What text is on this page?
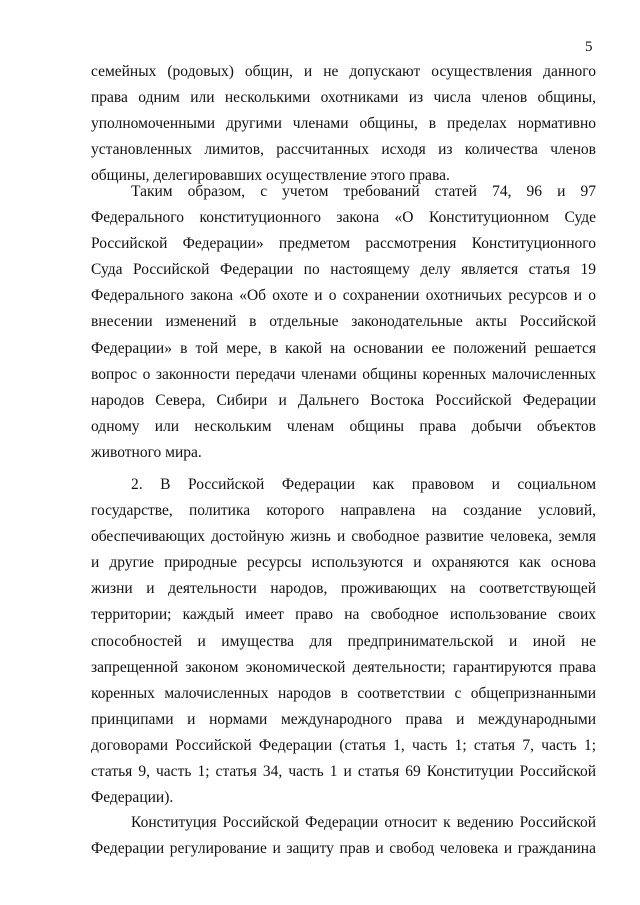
5
семейных (родовых) общин, и не допускают осуществления данного
права одним или несколькими охотниками из числа членов общины,
уполномоченными другими членами общины, в пределах нормативно
установленных лимитов, рассчитанных исходя из количества членов
общины, делегировавших осуществление этого права.
Таким образом, с учетом требований статей 74, 96 и 97
Федерального конституционного закона «О Конституционном Суде
Российской Федерации» предметом рассмотрения Конституционного
Суда Российской Федерации по настоящему делу является статья 19
Федерального закона «Об охоте и о сохранении охотничьих ресурсов и о
внесении изменений в отдельные законодательные акты Российской
Федерации» в той мере, в какой на основании ее положений решается
вопрос о законности передачи членами общины коренных малочисленных
народов Севера, Сибири и Дальнего Востока Российской Федерации
одному или нескольким членам общины права добычи объектов
животного мира.
2. В Российской Федерации как правовом и социальном
государстве, политика которого направлена на создание условий,
обеспечивающих достойную жизнь и свободное развитие человека, земля
и другие природные ресурсы используются и охраняются как основа
жизни и деятельности народов, проживающих на соответствующей
территории; каждый имеет право на свободное использование своих
способностей и имущества для предпринимательской и иной не
запрещенной законом экономической деятельности; гарантируются права
коренных малочисленных народов в соответствии с общепризнанными
принципами и нормами международного права и международными
договорами Российской Федерации (статья 1, часть 1; статья 7, часть 1;
статья 9, часть 1; статья 34, часть 1 и статья 69 Конституции Российской
Федерации).
Конституция Российской Федерации относит к ведению Российской
Федерации регулирование и защиту прав и свобод человека и гражданина
